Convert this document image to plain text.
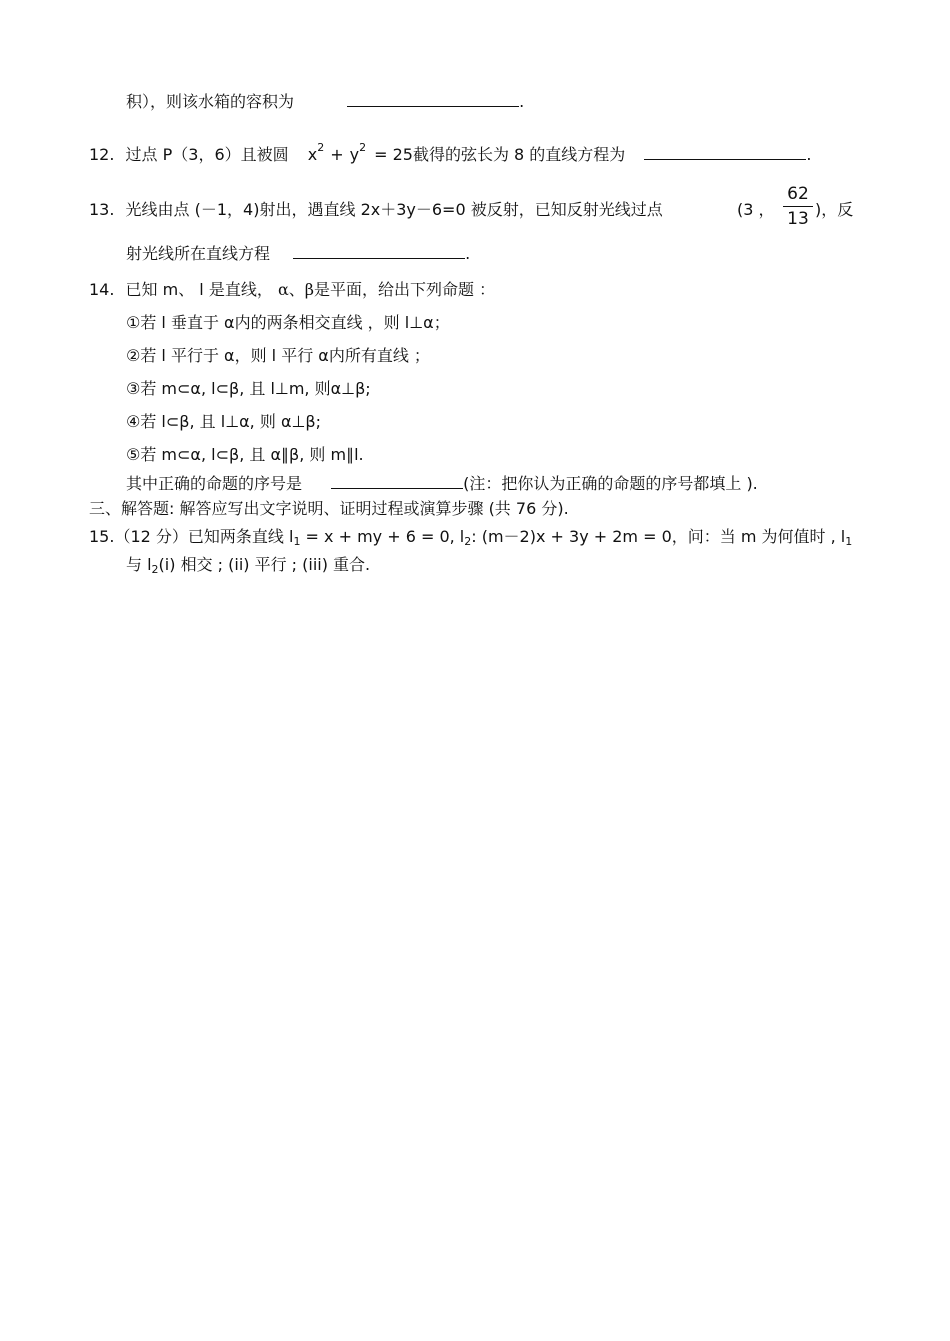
积），则该水箱的容积为	.
12. 过点 P（3，6）且被圆 $x^2 + y^2 = 25$截得的弦长为 8 的直线方程为	.
13. 光线由点 (－1，4)射出，遇直线 2x＋3y－6=0 被反射，已知反射光线过点	(3 ，
62
13 )，反
射光线所在直线方程	.
14. 已知 m、 l 是直线， α、β是平面，给出下列命题 ：
①若 l 垂直于 α内的两条相交直线 ，则 l⊥α；
②若 l 平行于 α，则 l 平行 α内所有直线 ；
③若 m⊂α, l⊂β, 且 l⊥m, 则α⊥β;
④若 l⊂β, 且 l⊥α, 则 α⊥β;
⑤若 m⊂α, l⊂β, 且 α∥β, 则 m∥l.
其中正确的命题的序号是	(注：把你认为正确的命题的序号都填上 ).
三、解答题: 解答应写出文字说明、证明过程或演算步骤 (共 76 分).
15.（12 分）已知两条直线 $l_1 = x$ + my + 6 = 0, $l_2$: (m－2)x + 3y + 2m = 0，问：当 m 为何值时 , $l_1$
与 $l_2(i)$ 相交 ; (ii) 平行 ; (iii) 重合.
